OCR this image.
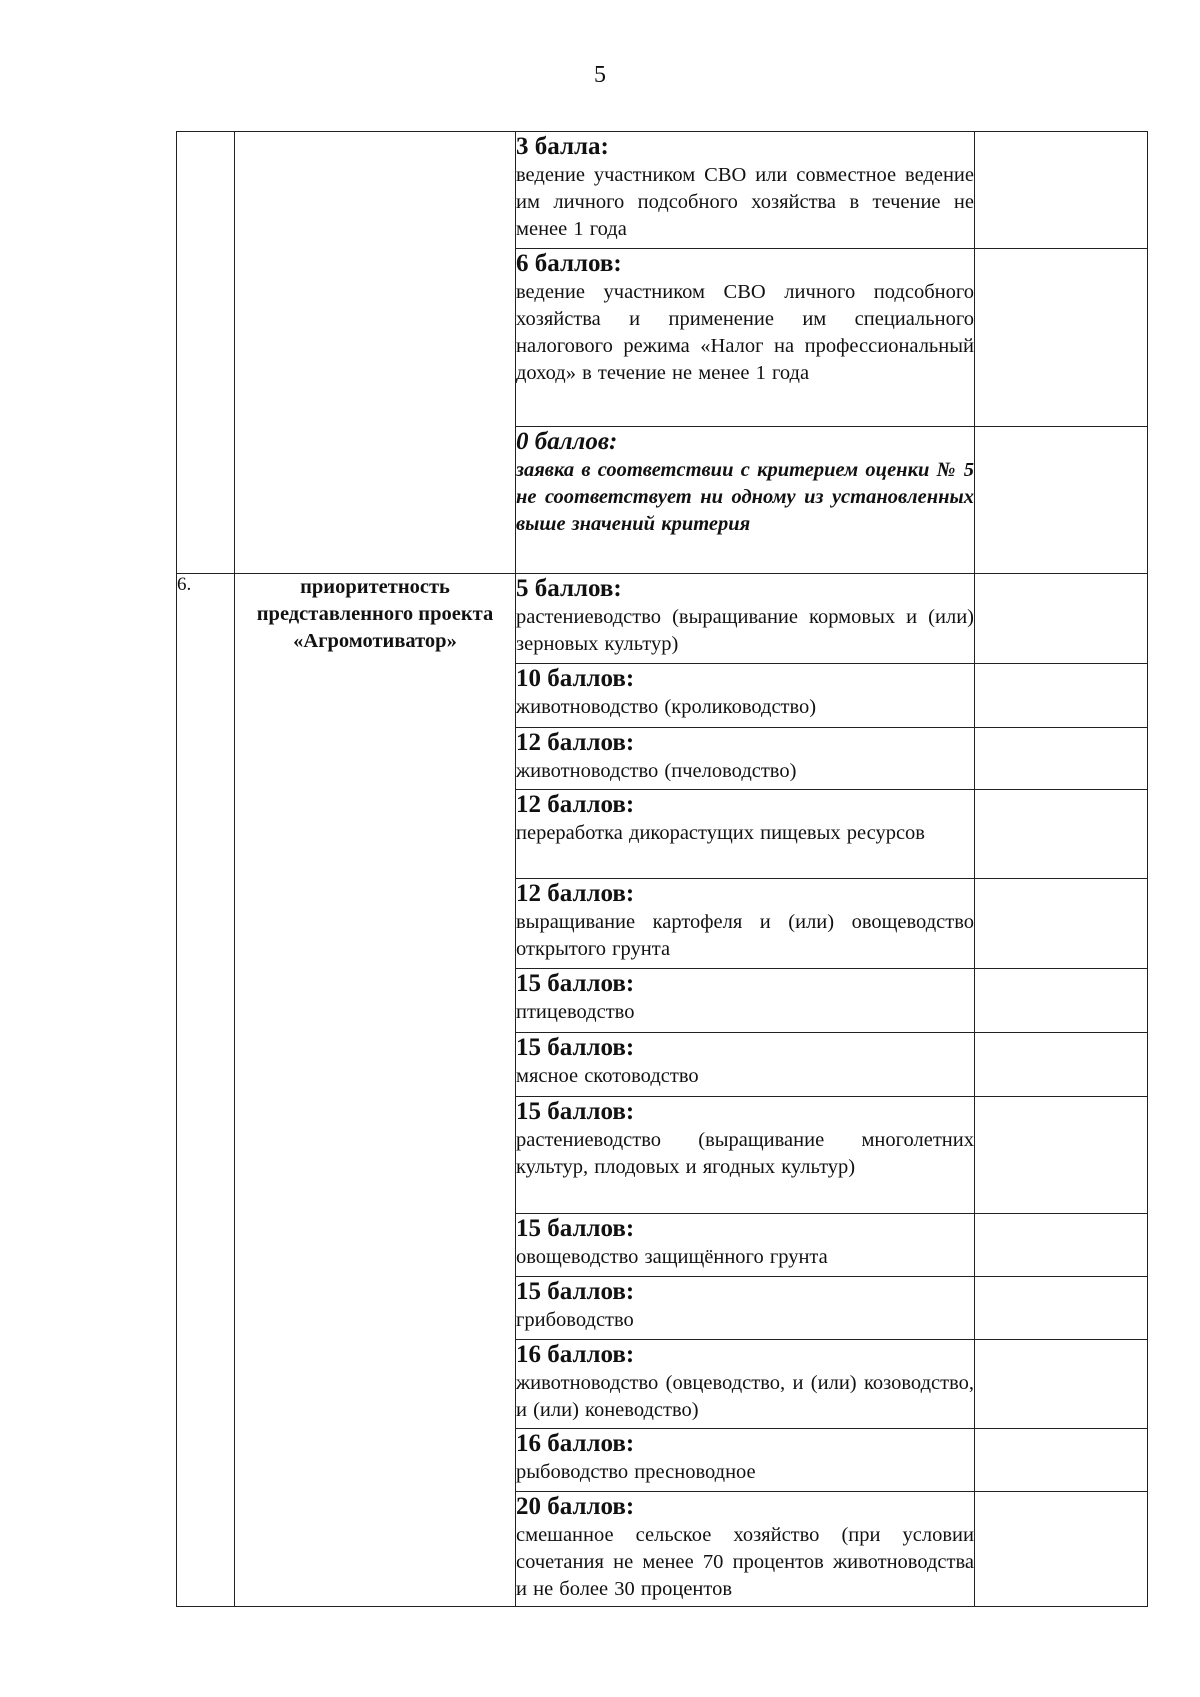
5

		3 балла:
ведение участником СВО или совместное ведение им личного подсобного хозяйства в течение не менее 1 года	

		6 баллов:
ведение участником СВО личного подсобного хозяйства и применение им специального налогового режима «Налог на профессиональный доход» в течение не менее 1 года	

		0 баллов:
заявка в соответствии с критерием оценки № 5 не соответствует ни одному из установленных выше значений критерия	

6.	приоритетность представленного проекта «Агромотиватор»	5 баллов:
растениеводство (выращивание кормовых и (или) зерновых культур)	

		10 баллов:
животноводство (кролиководство)	

		12 баллов:
животноводство (пчеловодство)	

		12 баллов:
переработка дикорастущих пищевых ресурсов	

		12 баллов:
выращивание картофеля и (или) овощеводство открытого грунта	

		15 баллов:
птицеводство	

		15 баллов:
мясное скотоводство	

		15 баллов:
растениеводство (выращивание многолетних культур, плодовых и ягодных культур)	

		15 баллов:
овощеводство защищённого грунта	

		15 баллов:
грибоводство	

		16 баллов:
животноводство (овцеводство, и (или) козоводство, и (или) коневодство)	

		16 баллов:
рыбоводство пресноводное	

		20 баллов:
смешанное сельское хозяйство (при условии сочетания не менее 70 процентов животноводства и не более 30 процентов	
